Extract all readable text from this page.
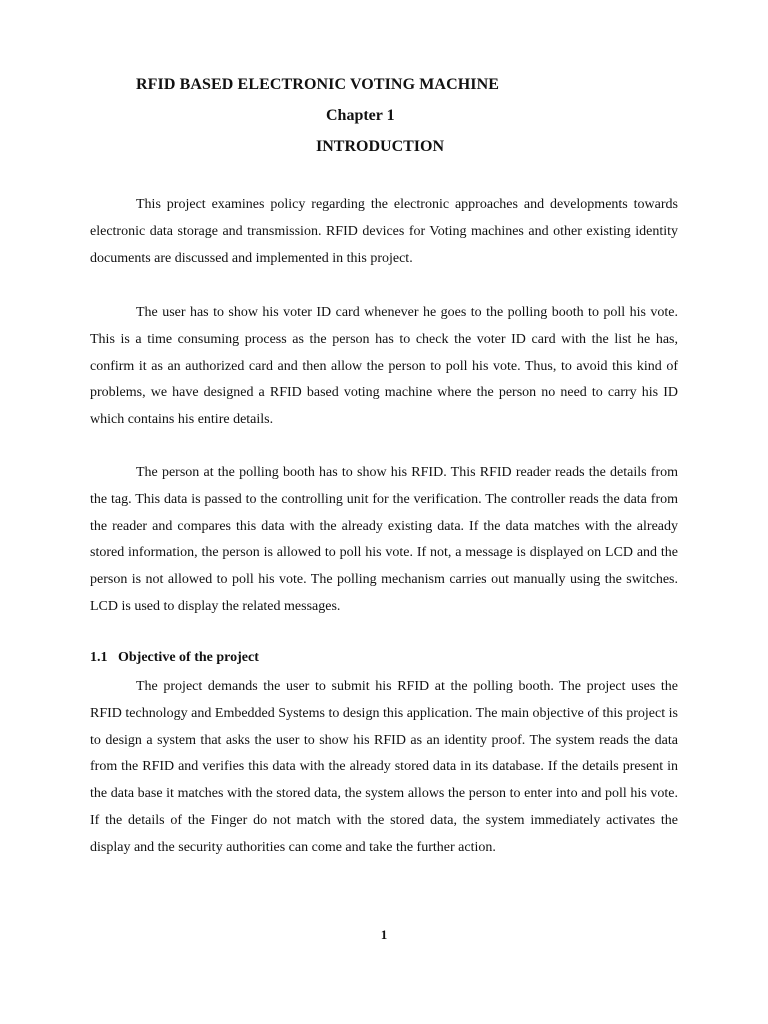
RFID BASED ELECTRONIC VOTING MACHINE
Chapter 1
INTRODUCTION

This project examines policy regarding the electronic approaches and developments towards electronic data storage and transmission. RFID devices for Voting machines and other existing identity documents are discussed and implemented in this project.

The user has to show his voter ID card whenever he goes to the polling booth to poll his vote. This is a time consuming process as the person has to check the voter ID card with the list he has, confirm it as an authorized card and then allow the person to poll his vote. Thus, to avoid this kind of problems, we have designed a RFID based voting machine where the person no need to carry his ID which contains his entire details.

The person at the polling booth has to show his RFID. This RFID reader reads the details from the tag. This data is passed to the controlling unit for the verification. The controller reads the data from the reader and compares this data with the already existing data. If the data matches with the already stored information, the person is allowed to poll his vote. If not, a message is displayed on LCD and the person is not allowed to poll his vote. The polling mechanism carries out manually using the switches. LCD is used to display the related messages.

1.1 Objective of the project

The project demands the user to submit his RFID at the polling booth. The project uses the RFID technology and Embedded Systems to design this application. The main objective of this project is to design a system that asks the user to show his RFID as an identity proof. The system reads the data from the RFID and verifies this data with the already stored data in its database. If the details present in the data base it matches with the stored data, the system allows the person to enter into and poll his vote. If the details of the Finger do not match with the stored data, the system immediately activates the display and the security authorities can come and take the further action.

1
